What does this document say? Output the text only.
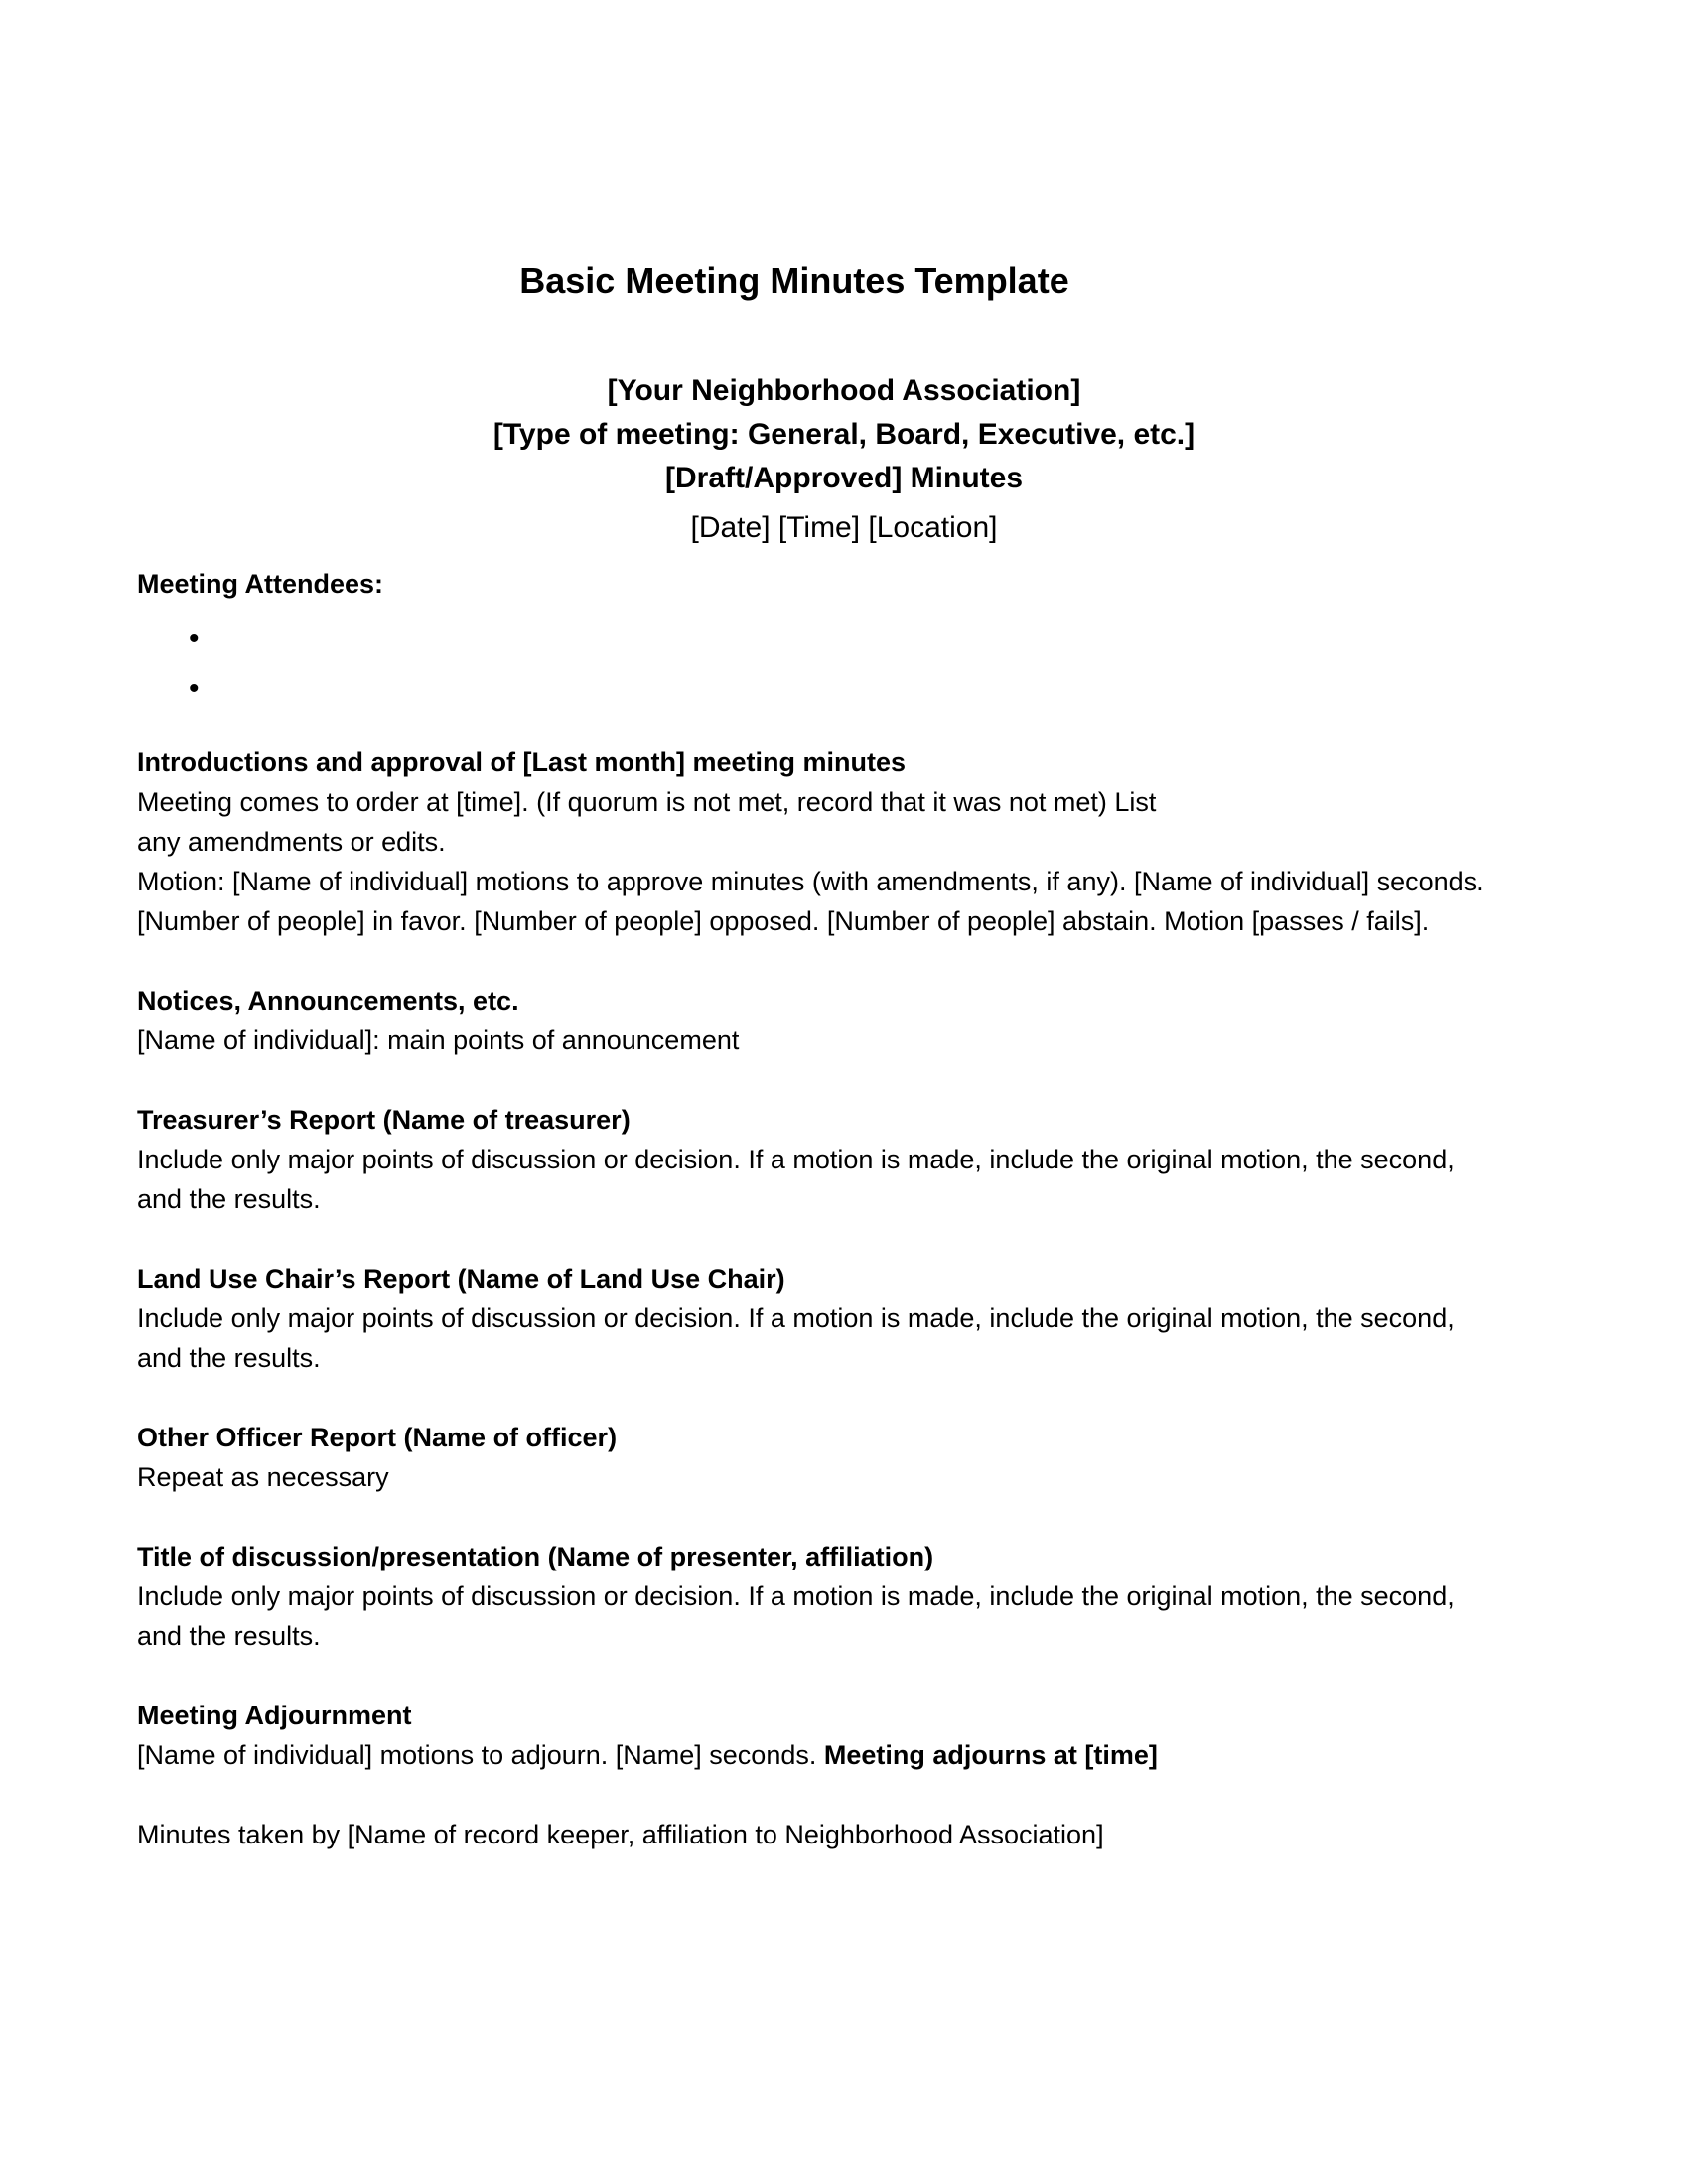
Basic Meeting Minutes Template
[Your Neighborhood Association]
[Type of meeting: General, Board, Executive, etc.]
[Draft/Approved] Minutes
[Date] [Time] [Location]
Meeting Attendees:
•
•
Introductions and approval of [Last month] meeting minutes
Meeting comes to order at [time]. (If quorum is not met, record that it was not met) List
any amendments or edits.
Motion: [Name of individual] motions to approve minutes (with amendments, if any). [Name of individual] seconds.
[Number of people] in favor. [Number of people] opposed. [Number of people] abstain. Motion [passes / fails].
Notices, Announcements, etc.
[Name of individual]: main points of announcement
Treasurer’s Report (Name of treasurer)
Include only major points of discussion or decision. If a motion is made, include the original motion, the second,
and the results.
Land Use Chair’s Report (Name of Land Use Chair)
Include only major points of discussion or decision. If a motion is made, include the original motion, the second,
and the results.
Other Officer Report (Name of officer)
Repeat as necessary
Title of discussion/presentation (Name of presenter, affiliation)
Include only major points of discussion or decision. If a motion is made, include the original motion, the second,
and the results.
Meeting Adjournment
[Name of individual] motions to adjourn. [Name] seconds. Meeting adjourns at [time]
Minutes taken by [Name of record keeper, affiliation to Neighborhood Association]
